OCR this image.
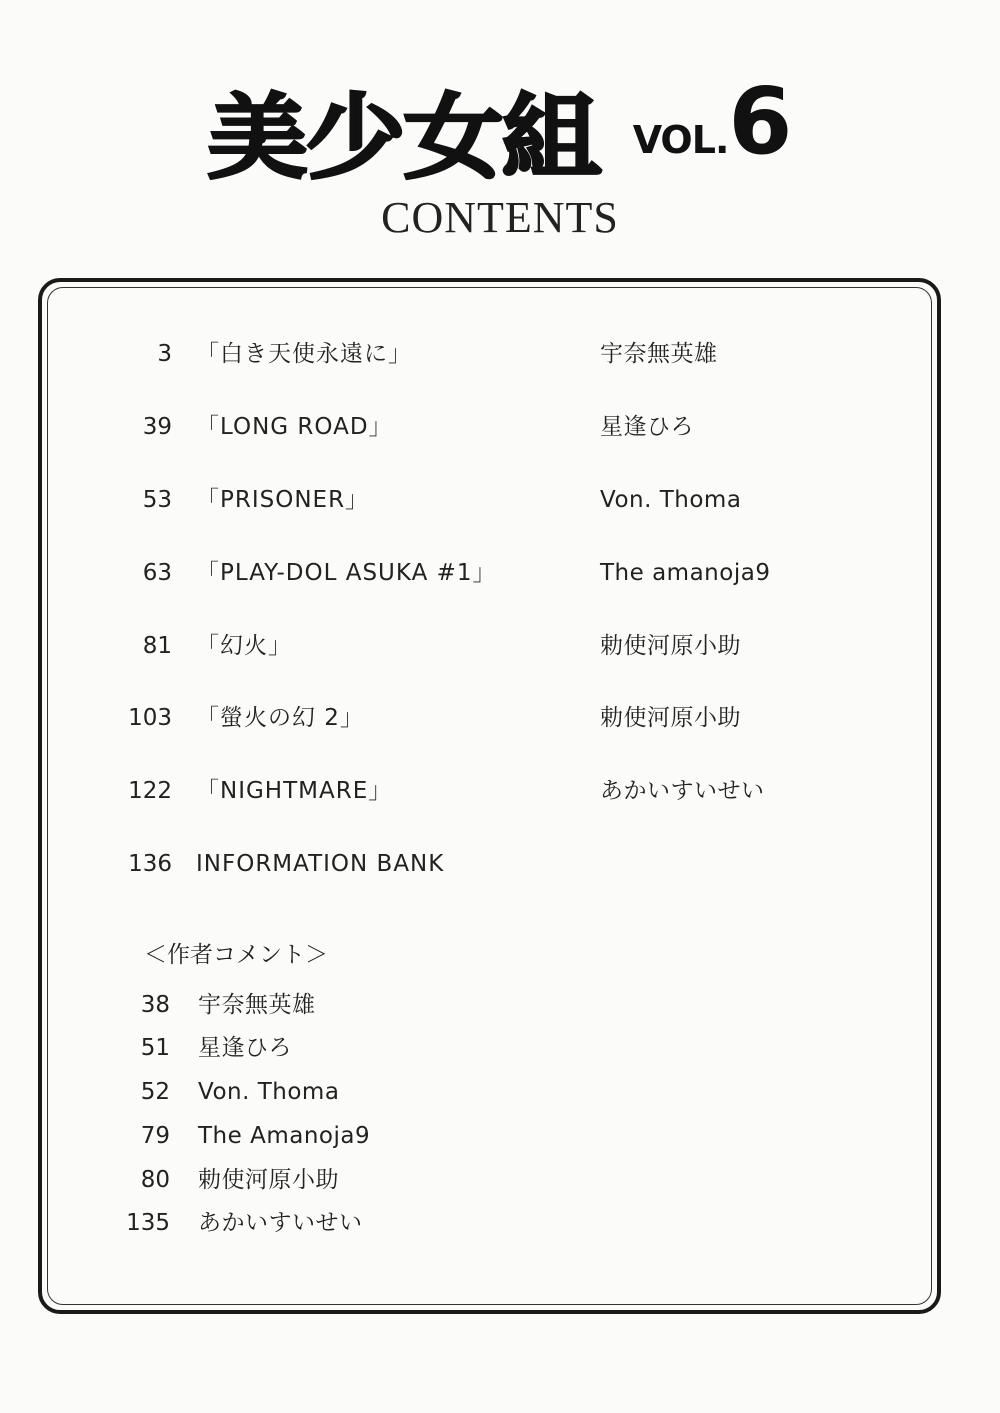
美少女組 VOL.6
CONTENTS
3 「白き天使永遠に」	宇奈無英雄
39 「LONG ROAD」	星逢ひろ
53 「PRISONER」	Von. Thoma
63 「PLAY-DOL ASUKA #1」	The amanoja9
81 「幻火」	勅使河原小助
103 「螢火の幻 2」	勅使河原小助
122 「NIGHTMARE」	あかいすいせい
136 INFORMATION BANK
＜作者コメント＞
38 宇奈無英雄
51 星逢ひろ
52 Von. Thoma
79 The Amanoja9
80 勅使河原小助
135 あかいすいせい
